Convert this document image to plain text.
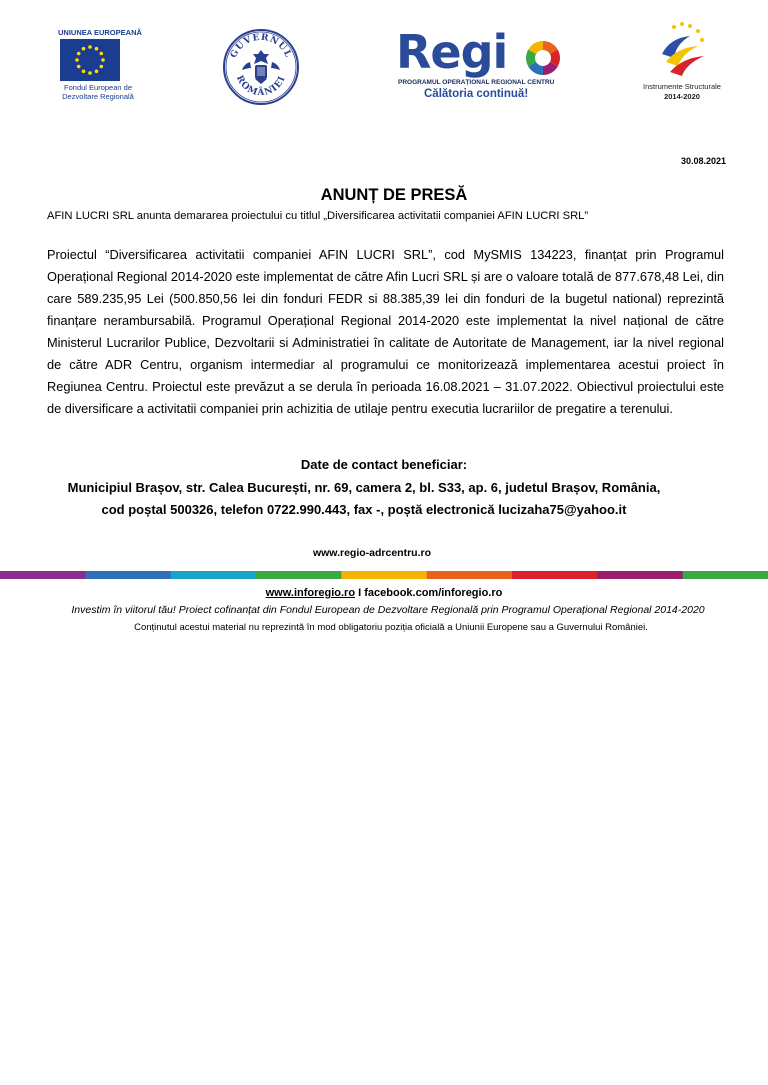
UNIUNEA EUROPEANĂ
Fondul European de
Dezvoltare Regională
GUVERNUL
ROMÂNIEI Regi
PROGRAMUL OPERAȚIONAL REGIONAL CENTRU
Călătoria continuă!
Instrumente Structurale
2014-2020
30.08.2021
ANUNȚ DE PRESĂ
AFIN LUCRI SRL anunta demararea proiectului cu titlul „Diversificarea activitatii companiei AFIN LUCRI SRL”
Proiectul “Diversificarea activitatii companiei AFIN LUCRI SRL”, cod MySMIS 134223, finanțat prin Programul Operațional Regional 2014-2020 este implementat de către Afin Lucri SRL și are o valoare totală de 877.678,48 Lei, din care 589.235,95 Lei (500.850,56 lei din fonduri FEDR si 88.385,39 lei din fonduri de la bugetul national) reprezintă finanțare nerambursabilă. Programul Operațional Regional 2014-2020 este implementat la nivel național de către Ministerul Lucrarilor Publice, Dezvoltarii si Administratiei în calitate de Autoritate de Management, iar la nivel regional de către ADR Centru, organism intermediar al programului ce monitorizează implementarea acestui proiect în Regiunea Centru. Proiectul este prevăzut a se derula în perioada 16.08.2021 – 31.07.2022. Obiectivul proiectului este de diversificare a activitatii companiei prin achizitia de utilaje pentru executia lucrariilor de pregatire a terenului.
Date de contact beneficiar:
Municipiul Brașov, str. Calea București, nr. 69, camera 2, bl. S33, ap. 6, judetul Brașov, România,
cod poștal 500326, telefon 0722.990.443, fax -, poștă electronică lucizaha75@yahoo.it
www.regio-adrcentru.ro
www.inforegio.ro I facebook.com/inforegio.ro
Investim în viitorul tău! Proiect cofinanțat din Fondul European de Dezvoltare Regională prin Programul Operațional Regional 2014-2020
Conținutul acestui material nu reprezintă în mod obligatoriu poziția oficială a Uniunii Europene sau a Guvernului României.
